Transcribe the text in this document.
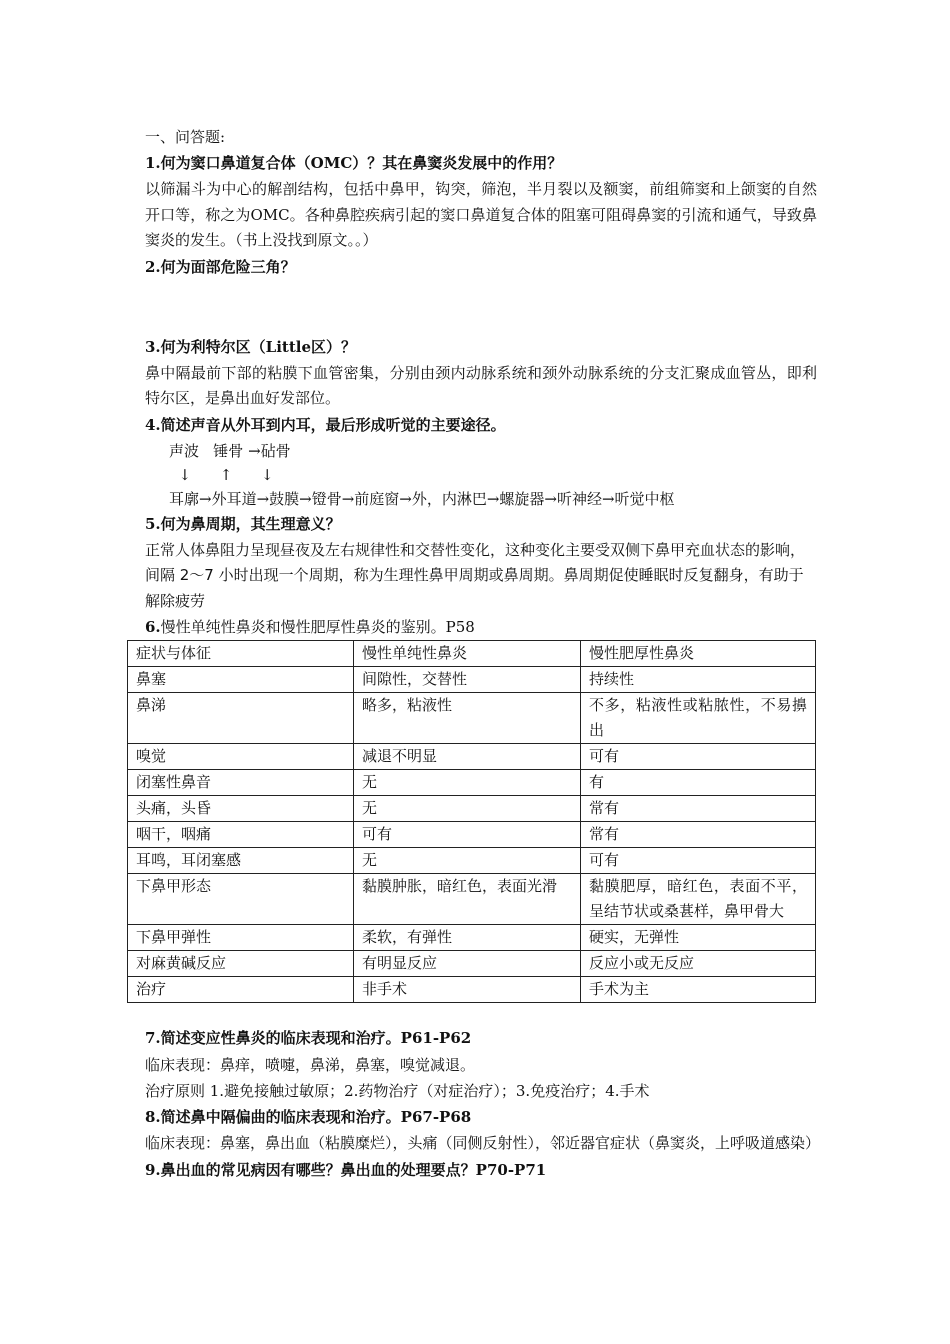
一、问答题:
1.何为窦口鼻道复合体（OMC）？其在鼻窦炎发展中的作用？
以筛漏斗为中心的解剖结构，包括中鼻甲，钩突，筛泡，半月裂以及额窦，前组筛窦和上颌窦的自然开口等，称之为OMC。各种鼻腔疾病引起的窦口鼻道复合体的阻塞可阻碍鼻窦的引流和通气，导致鼻窦炎的发生。（书上没找到原文。。）
2.何为面部危险三角？
3.何为利特尔区（Little区）？
鼻中隔最前下部的粘膜下血管密集，分别由颈内动脉系统和颈外动脉系统的分支汇聚成血管丛，即利特尔区，是鼻出血好发部位。
4.简述声音从外耳到内耳，最后形成听觉的主要途径。
声波   锤骨 →砧骨
↓      ↑      ↓
耳廓→外耳道→鼓膜→镫骨→前庭窗→外，内淋巴→螺旋器→听神经→听觉中枢
5.何为鼻周期，其生理意义？
正常人体鼻阻力呈现昼夜及左右规律性和交替性变化，这种变化主要受双侧下鼻甲充血状态的影响，间隔 2～7 小时出现一个周期，称为生理性鼻甲周期或鼻周期。鼻周期促使睡眠时反复翻身，有助于解除疲劳
6.慢性单纯性鼻炎和慢性肥厚性鼻炎的鉴别。P58
症状与体征	慢性单纯性鼻炎	慢性肥厚性鼻炎
鼻塞	间隙性，交替性	持续性
鼻涕	略多，粘液性	不多，粘液性或粘脓性，不易擤出
嗅觉	减退不明显	可有
闭塞性鼻音	无	有
头痛，头昏	无	常有
咽干，咽痛	可有	常有
耳鸣，耳闭塞感	无	可有
下鼻甲形态	黏膜肿胀，暗红色，表面光滑	黏膜肥厚，暗红色，表面不平，呈结节状或桑葚样，鼻甲骨大
下鼻甲弹性	柔软，有弹性	硬实，无弹性
对麻黄碱反应	有明显反应	反应小或无反应
治疗	非手术	手术为主
7.简述变应性鼻炎的临床表现和治疗。P61-P62
临床表现：鼻痒，喷嚏，鼻涕，鼻塞，嗅觉减退。
治疗原则 1.避免接触过敏原；2.药物治疗（对症治疗）；3.免疫治疗；4.手术
8.简述鼻中隔偏曲的临床表现和治疗。P67-P68
临床表现：鼻塞，鼻出血（粘膜糜烂），头痛（同侧反射性），邻近器官症状（鼻窦炎，上呼吸道感染）
9.鼻出血的常见病因有哪些？鼻出血的处理要点？P70-P71
